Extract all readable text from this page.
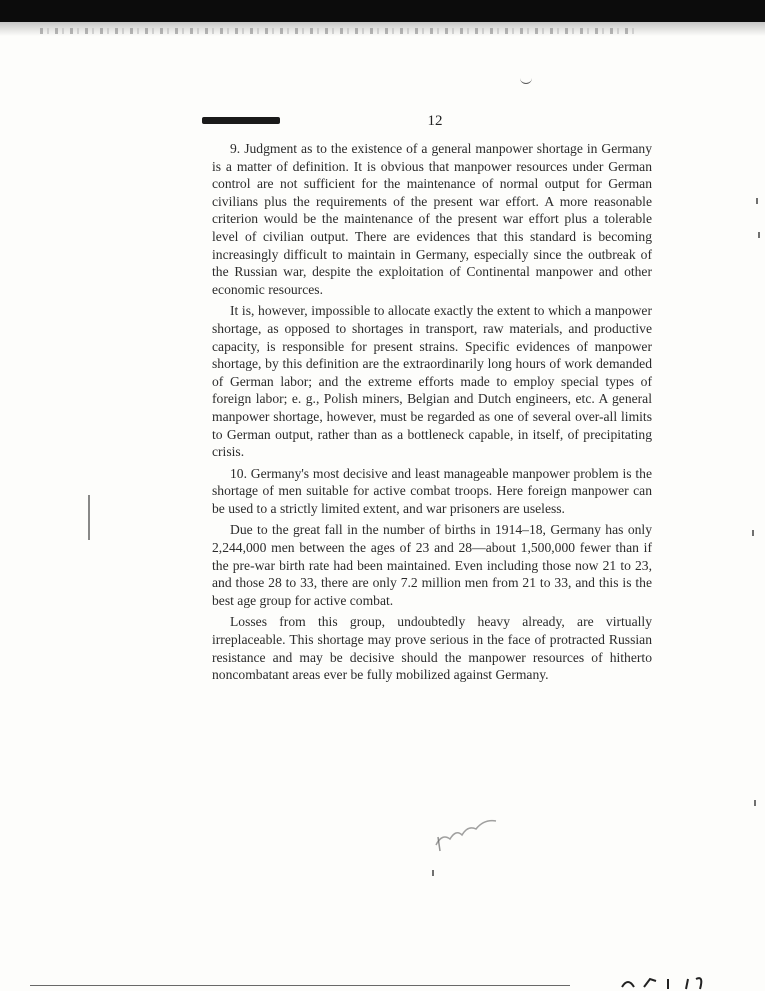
12

9. Judgment as to the existence of a general manpower shortage in Germany is a matter of definition. It is obvious that manpower resources under German control are not sufficient for the maintenance of normal output for German civilians plus the requirements of the present war effort. A more reasonable criterion would be the maintenance of the present war effort plus a tolerable level of civilian output. There are evidences that this standard is becoming increasingly difficult to maintain in Germany, especially since the outbreak of the Russian war, despite the exploitation of Continental manpower and other economic resources.

It is, however, impossible to allocate exactly the extent to which a manpower shortage, as opposed to shortages in transport, raw materials, and productive capacity, is responsible for present strains. Specific evidences of manpower shortage, by this definition are the extraordinarily long hours of work demanded of German labor; and the extreme efforts made to employ special types of foreign labor; e. g., Polish miners, Belgian and Dutch engineers, etc. A general manpower shortage, however, must be regarded as one of several over-all limits to German output, rather than as a bottleneck capable, in itself, of precipitating crisis.

10. Germany's most decisive and least manageable manpower problem is the shortage of men suitable for active combat troops. Here foreign manpower can be used to a strictly limited extent, and war prisoners are useless.

Due to the great fall in the number of births in 1914–18, Germany has only 2,244,000 men between the ages of 23 and 28—about 1,500,000 fewer than if the pre-war birth rate had been maintained. Even including those now 21 to 23, and those 28 to 33, there are only 7.2 million men from 21 to 33, and this is the best age group for active combat.

Losses from this group, undoubtedly heavy already, are virtually irreplaceable. This shortage may prove serious in the face of protracted Russian resistance and may be decisive should the manpower resources of hitherto noncombatant areas ever be fully mobilized against Germany.
